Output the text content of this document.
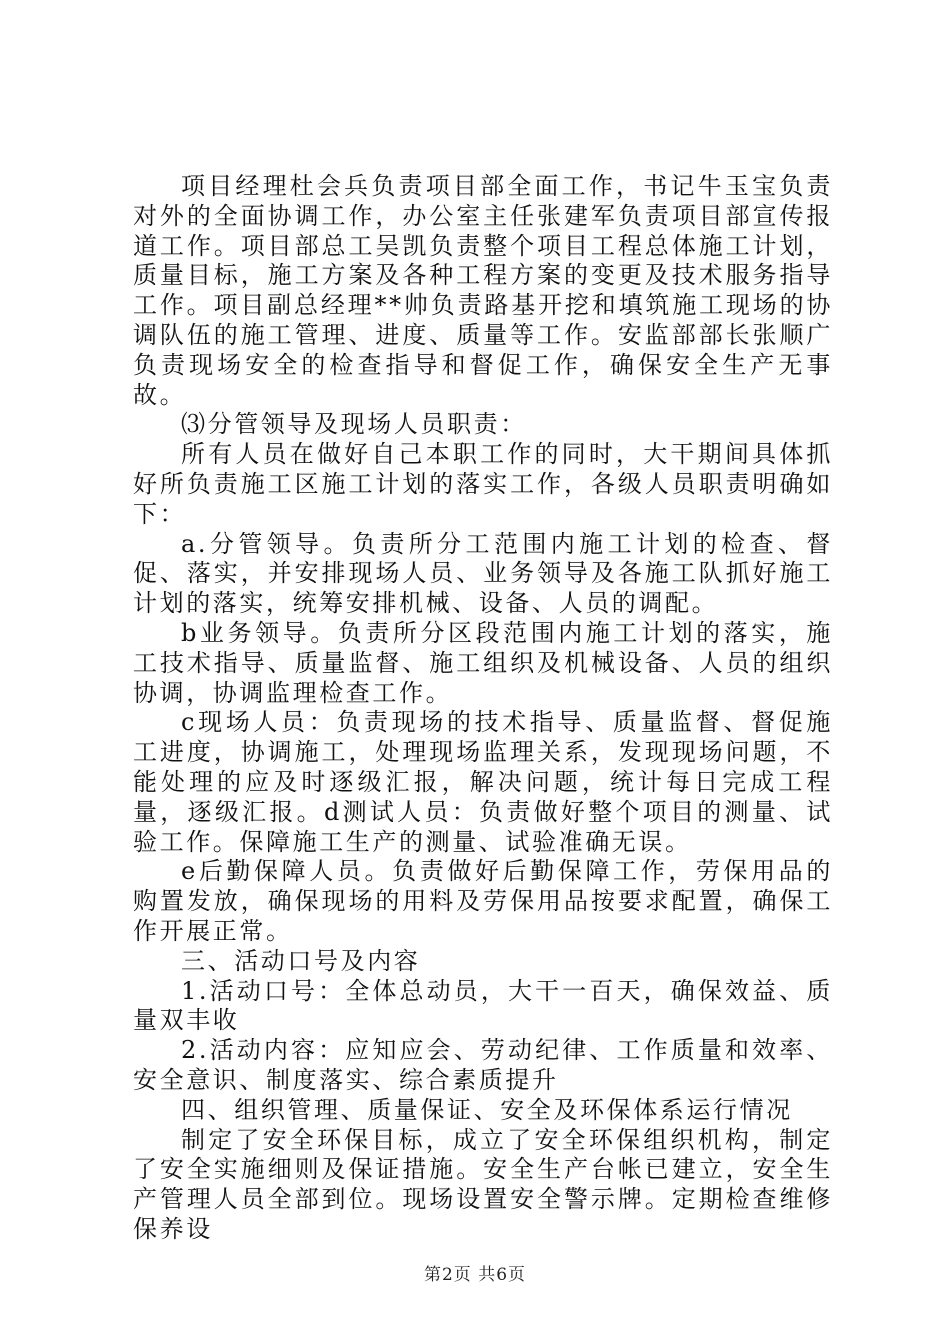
项目经理杜会兵负责项目部全面工作，书记牛玉宝负责对外的全面协调工作，办公室主任张建军负责项目部宣传报道工作。项目部总工吴凯负责整个项目工程总体施工计划，质量目标，施工方案及各种工程方案的变更及技术服务指导工作。项目副总经理**帅负责路基开挖和填筑施工现场的协调队伍的施工管理、进度、质量等工作。安监部部长张顺广负责现场安全的检查指导和督促工作，确保安全生产无事故。

⑶分管领导及现场人员职责：

所有人员在做好自己本职工作的同时，大干期间具体抓好所负责施工区施工计划的落实工作，各级人员职责明确如下：

a.分管领导。负责所分工范围内施工计划的检查、督促、落实，并安排现场人员、业务领导及各施工队抓好施工计划的落实，统筹安排机械、设备、人员的调配。

b业务领导。负责所分区段范围内施工计划的落实，施工技术指导、质量监督、施工组织及机械设备、人员的组织协调，协调监理检查工作。

c现场人员：负责现场的技术指导、质量监督、督促施工进度，协调施工，处理现场监理关系，发现现场问题，不能处理的应及时逐级汇报，解决问题，统计每日完成工程量，逐级汇报。d测试人员：负责做好整个项目的测量、试验工作。保障施工生产的测量、试验准确无误。

e后勤保障人员。负责做好后勤保障工作，劳保用品的购置发放，确保现场的用料及劳保用品按要求配置，确保工作开展正常。

三、活动口号及内容

1.活动口号：全体总动员，大干一百天，确保效益、质量双丰收

2.活动内容：应知应会、劳动纪律、工作质量和效率、安全意识、制度落实、综合素质提升

四、组织管理、质量保证、安全及环保体系运行情况

制定了安全环保目标，成立了安全环保组织机构，制定了安全实施细则及保证措施。安全生产台帐已建立，安全生产管理人员全部到位。现场设置安全警示牌。定期检查维修保养设

第2页 共6页
